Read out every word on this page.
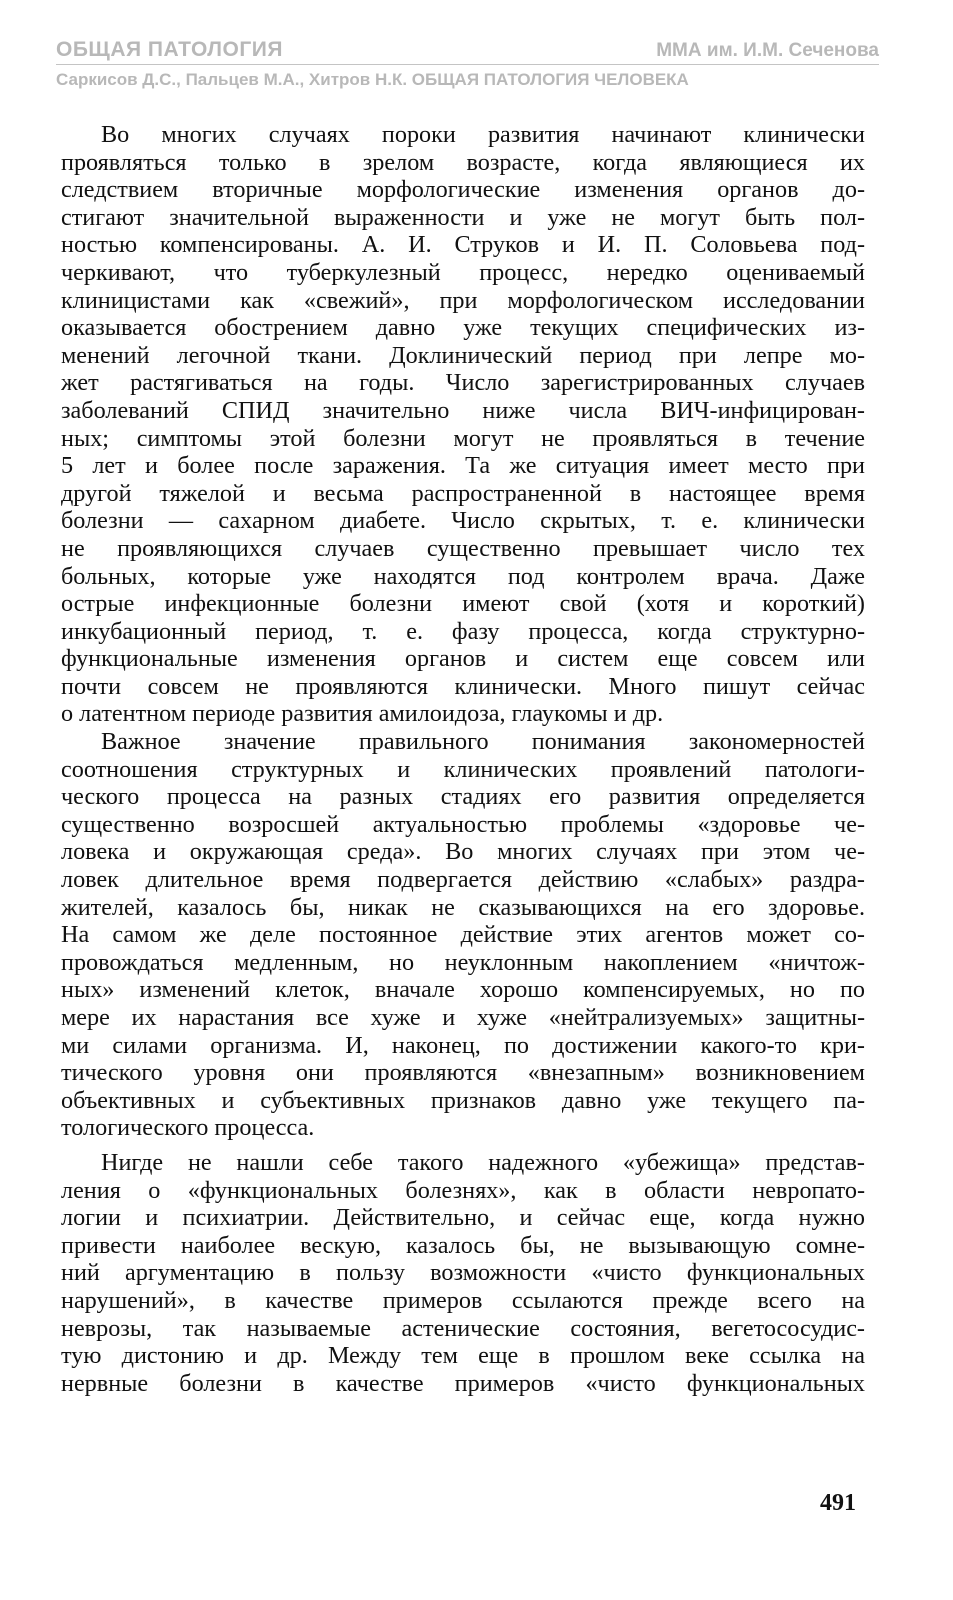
ОБЩАЯ ПАТОЛОГИЯ	ММА им. И.М. Сеченова
Саркисов Д.С., Пальцев М.А., Хитров Н.К. ОБЩАЯ ПАТОЛОГИЯ ЧЕЛОВЕКА
Во многих случаях пороки развития начинают клинически
проявляться только в зрелом возрасте, когда являющиеся их
следствием вторичные морфологические изменения органов до-
стигают значительной выраженности и уже не могут быть пол-
ностью компенсированы. А. И. Струков и И. П. Соловьева под-
черкивают, что туберкулезный процесс, нередко оцениваемый
клиницистами как «свежий», при морфологическом исследовании
оказывается обострением давно уже текущих специфических из-
менений легочной ткани. Доклинический период при лепре мо-
жет растягиваться на годы. Число зарегистрированных случаев
заболеваний СПИД значительно ниже числа ВИЧ-инфицирован-
ных; симптомы этой болезни могут не проявляться в течение
5 лет и более после заражения. Та же ситуация имеет место при
другой тяжелой и весьма распространенной в настоящее время
болезни — сахарном диабете. Число скрытых, т. е. клинически
не проявляющихся случаев существенно превышает число тех
больных, которые уже находятся под контролем врача. Даже
острые инфекционные болезни имеют свой (хотя и короткий)
инкубационный период, т. е. фазу процесса, когда структурно-
функциональные изменения органов и систем еще совсем или
почти совсем не проявляются клинически. Много пишут сейчас
о латентном периоде развития амилоидоза, глаукомы и др.
Важное значение правильного понимания закономерностей
соотношения структурных и клинических проявлений патологи-
ческого процесса на разных стадиях его развития определяется
существенно возросшей актуальностью проблемы «здоровье че-
ловека и окружающая среда». Во многих случаях при этом че-
ловек длительное время подвергается действию «слабых» раздра-
жителей, казалось бы, никак не сказывающихся на его здоровье.
На самом же деле постоянное действие этих агентов может со-
провождаться медленным, но неуклонным накоплением «ничтож-
ных» изменений клеток, вначале хорошо компенсируемых, но по
мере их нарастания все хуже и хуже «нейтрализуемых» защитны-
ми силами организма. И, наконец, по достижении какого-то кри-
тического уровня они проявляются «внезапным» возникновением
объективных и субъективных признаков давно уже текущего па-
тологического процесса.
Нигде не нашли себе такого надежного «убежища» представ-
ления о «функциональных болезнях», как в области невропато-
логии и психиатрии. Действительно, и сейчас еще, когда нужно
привести наиболее вескую, казалось бы, не вызывающую сомне-
ний аргументацию в пользу возможности «чисто функциональных
нарушений», в качестве примеров ссылаются прежде всего на
неврозы, так называемые астенические состояния, вегетососудис-
тую дистонию и др. Между тем еще в прошлом веке ссылка на
нервные болезни в качестве примеров «чисто функциональных
491
